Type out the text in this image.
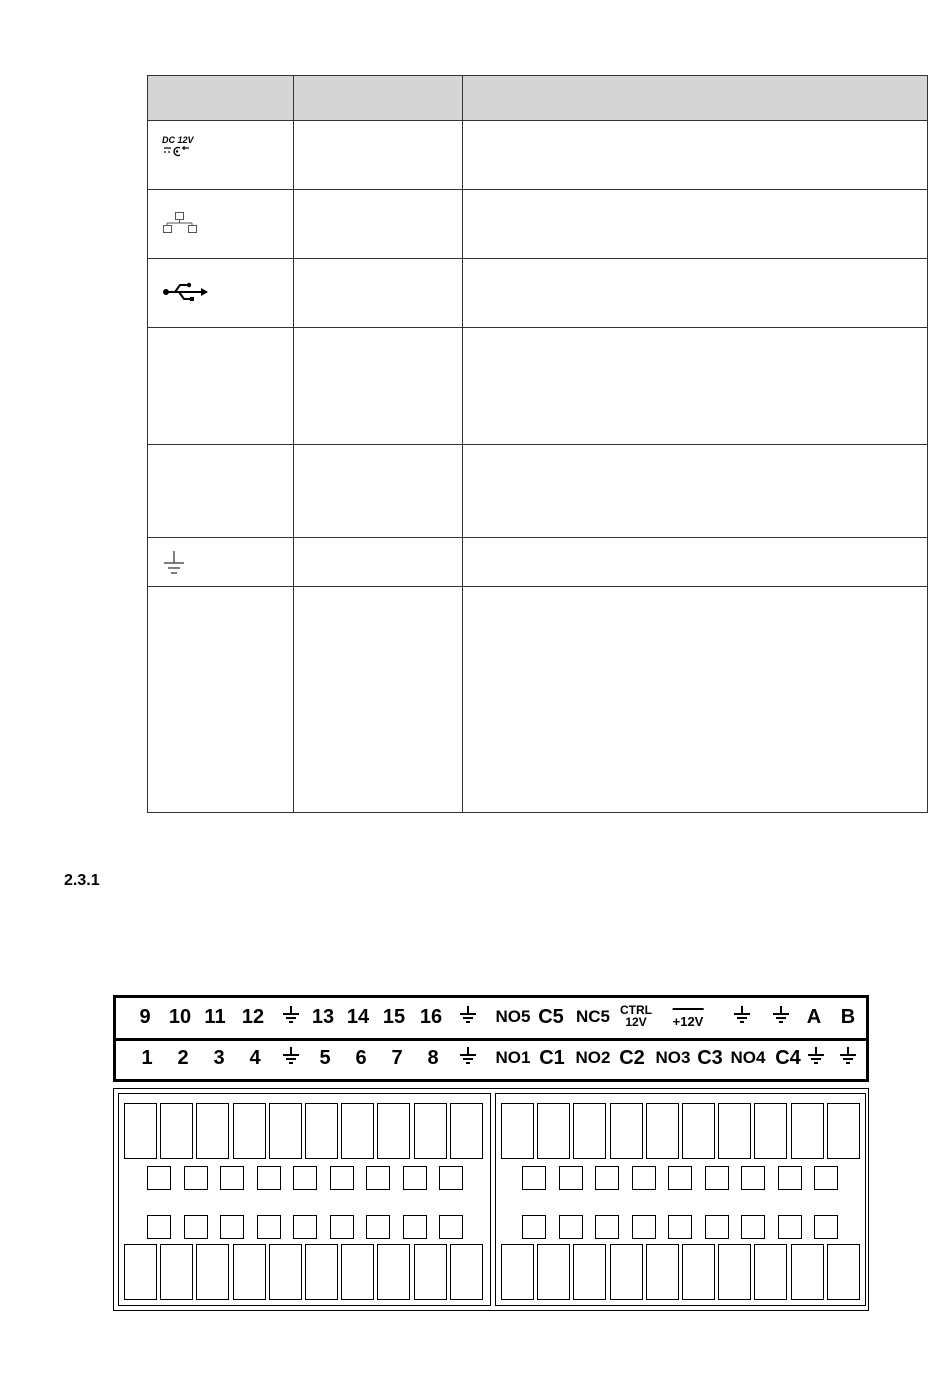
DC 12V		

2.3.1
9 10 11 12 13 14 15 16	NO5 C5 NC5 CTRL
12V	+12V	A B
1 2 3 4	5 6 7 8	NO1 C1 NO2 C2 NO3 C3 NO4 C4
